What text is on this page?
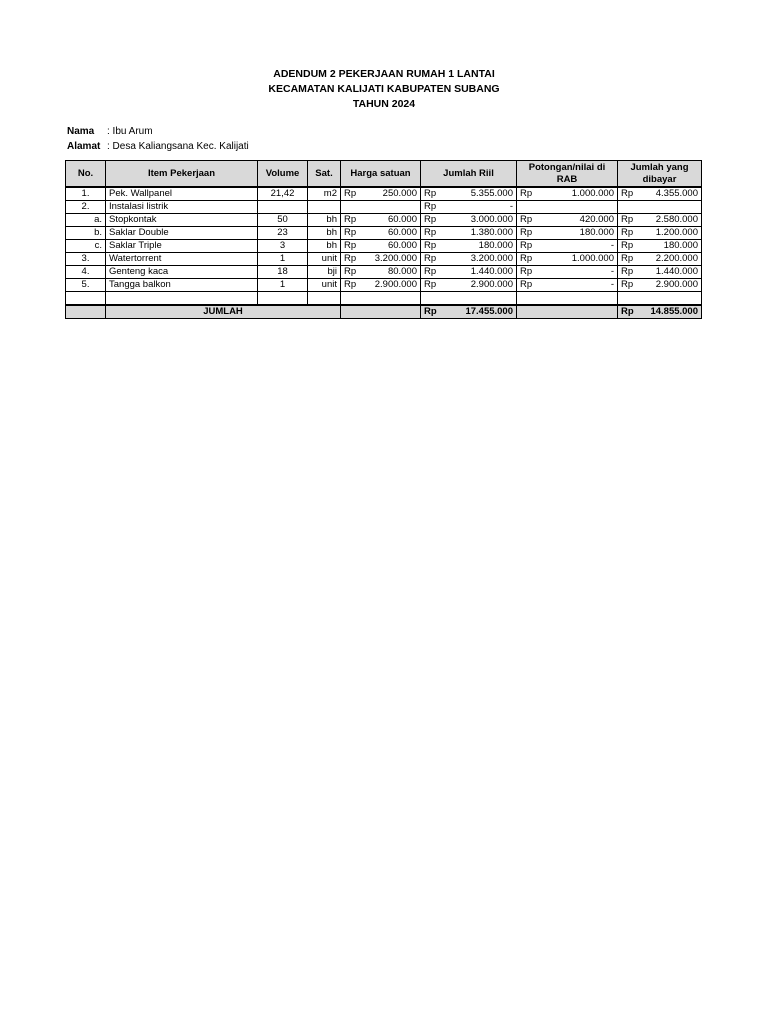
ADENDUM 2 PEKERJAAN RUMAH 1 LANTAI
KECAMATAN KALIJATI KABUPATEN SUBANG
TAHUN 2024
Nama	: Ibu Arum
Alamat : Desa Kaliangsana Kec. Kalijati
No.	Item Pekerjaan	Volume	Sat.	Harga satuan	Jumlah Riil	Potongan/nilai di RAB	Jumlah yang dibayar
1.	Pek. Wallpanel	21,42	m2	Rp 250.000	Rp 5.355.000	Rp 1.000.000	Rp 4.355.000

2.	Instalasi listrik				Rp -		

a.	Stopkontak	50	bh	Rp 60.000	Rp 3.000.000	Rp 420.000	Rp 2.580.000

b.	Saklar Double	23	bh	Rp 60.000	Rp 1.380.000	Rp 180.000	Rp 1.200.000

c.	Saklar Triple	3	bh	Rp 60.000	Rp 180.000	Rp -	Rp 180.000

3.	Watertorrent	1	unit	Rp 3.200.000	Rp 3.200.000	Rp 1.000.000	Rp 2.200.000

4.	Genteng kaca	18	bji	Rp 80.000	Rp 1.440.000	Rp -	Rp 1.440.000

5.	Tangga balkon	1	unit	Rp 2.900.000	Rp 2.900.000	Rp -	Rp 2.900.000

	JUMLAH				Rp 17.455.000		Rp 14.855.000
